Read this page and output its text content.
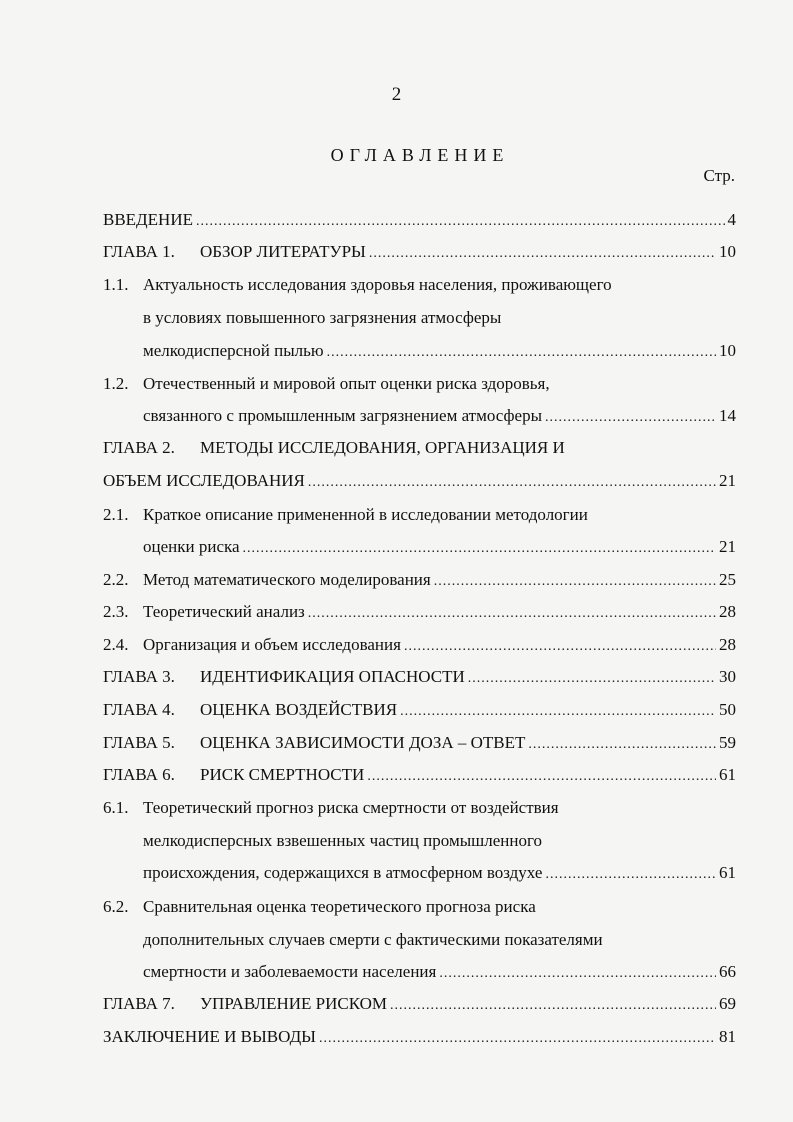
2
ОГЛАВЛЕНИЕ
Стр.
ВВЕДЕНИЕ .....	4
ГЛАВА 1. ОБЗОР ЛИТЕРАТУРЫ .....	10
1.1. Актуальность исследования здоровья населения, проживающего
в условиях повышенного загрязнения атмосферы
мелкодисперсной пылью .....	10
1.2. Отечественный и мировой опыт оценки риска здоровья,
связанного с промышленным загрязнением атмосферы .....	14
ГЛАВА 2. МЕТОДЫ ИССЛЕДОВАНИЯ, ОРГАНИЗАЦИЯ И
ОБЪЕМ ИССЛЕДОВАНИЯ .....	21
2.1. Краткое описание примененной в исследовании методологии
оценки риска .....	21
2.2. Метод математического моделирования .....	25
2.3. Теоретический анализ .....	28
2.4. Организация и объем исследования .....	28
ГЛАВА 3. ИДЕНТИФИКАЦИЯ ОПАСНОСТИ .....	30
ГЛАВА 4. ОЦЕНКА ВОЗДЕЙСТВИЯ .....	50
ГЛАВА 5. ОЦЕНКА ЗАВИСИМОСТИ ДОЗА – ОТВЕТ .....	59
ГЛАВА 6. РИСК СМЕРТНОСТИ .....	61
6.1. Теоретический прогноз риска смертности от воздействия
мелкодисперсных взвешенных частиц промышленного
происхождения, содержащихся в атмосферном воздухе .....	61
6.2. Сравнительная оценка теоретического прогноза риска
дополнительных случаев смерти с фактическими показателями
смертности и заболеваемости населения .....	66
ГЛАВА 7. УПРАВЛЕНИЕ РИСКОМ .....	69
ЗАКЛЮЧЕНИЕ И ВЫВОДЫ .....	81
